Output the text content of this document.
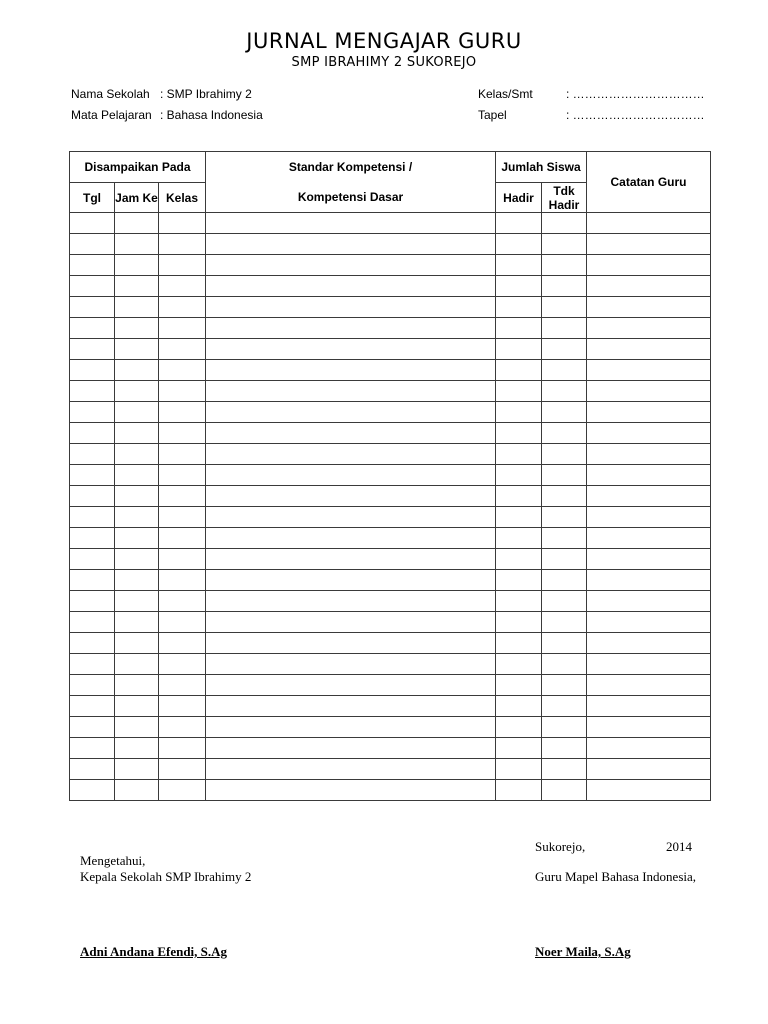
JURNAL MENGAJAR GURU
SMP IBRAHIMY 2 SUKOREJO
Nama Sekolah : SMP Ibrahimy 2
Mata Pelajaran : Bahasa Indonesia
Kelas/Smt	: ……………………………
Tapel	: ……………………………
Disampaikan Pada			Standar Kompetensi /	Jumlah Siswa		Catatan Guru
Tgl	Jam Ke	Kelas	Kompetensi Dasar	Hadir	Tdk Hadir	

Sukorejo,	2014
Mengetahui,
Kepala Sekolah SMP Ibrahimy 2	Guru Mapel Bahasa Indonesia,
Adni Andana Efendi, S.Ag	Noer Maila, S.Ag
